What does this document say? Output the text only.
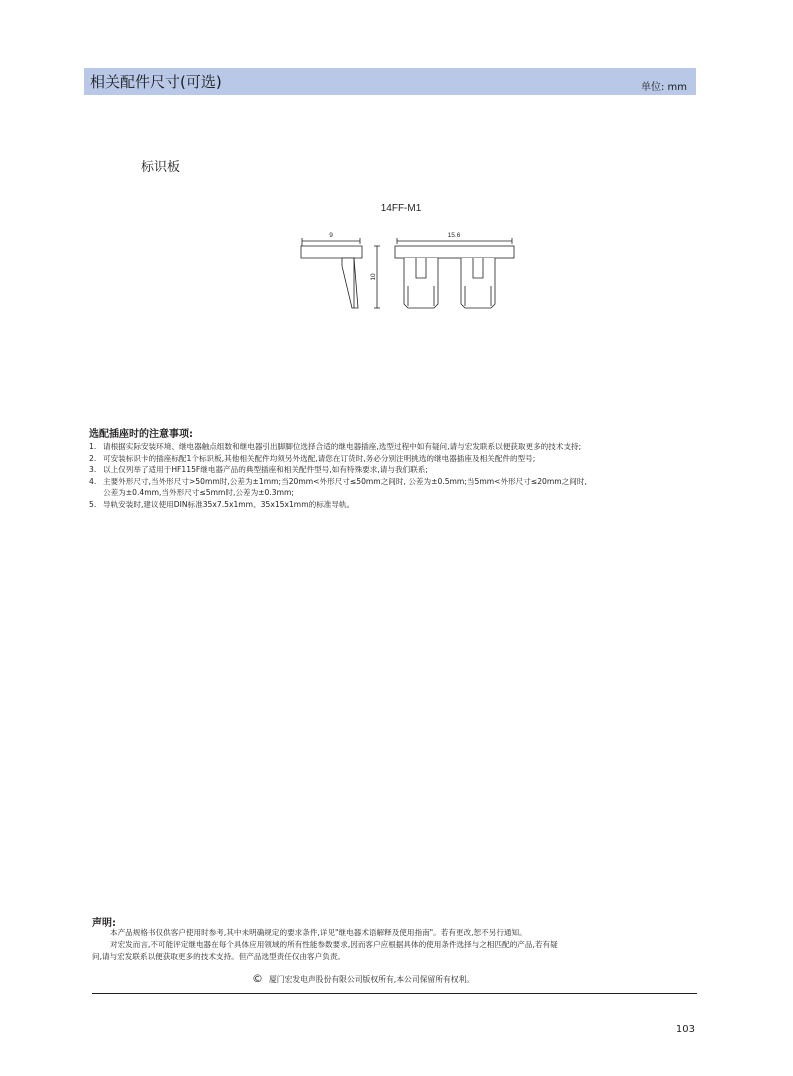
相关配件尺寸(可选)	单位: mm
标识板
14FF-M1
9
10
15.6
选配插座时的注意事项:
1. 请根据实际安装环境、继电器触点组数和继电器引出脚脚位选择合适的继电器插座,选型过程中如有疑问,请与宏发联系以便获取更多的技术支持;
2. 可安装标识卡的插座标配1个标识板,其他相关配件均须另外选配,请您在订货时,务必分别注明挑选的继电器插座及相关配件的型号;
3. 以上仅列举了适用于HF115F继电器产品的典型插座和相关配件型号,如有特殊要求,请与我们联系;
4. 主要外形尺寸,当外形尺寸>50mm时,公差为±1mm;当20mm<外形尺寸≤50mm之间时, 公差为±0.5mm;当5mm<外形尺寸≤20mm之间时,
公差为±0.4mm,当外形尺寸≤5mm时,公差为±0.3mm;
5. 导轨安装时,建议使用DIN标准35x7.5x1mm、35x15x1mm的标准导轨。
声明:
本产品规格书仅供客户使用时参考,其中未明确规定的要求条件,详见"继电器术语解释及使用指南"。若有更改,恕不另行通知。
对宏发而言,不可能评定继电器在每个具体应用领域的所有性能参数要求,因而客户应根据具体的使用条件选择与之相匹配的产品,若有疑
问,请与宏发联系以便获取更多的技术支持。但产品选型责任仅由客户负责。
© 厦门宏发电声股份有限公司版权所有,本公司保留所有权利。
103
